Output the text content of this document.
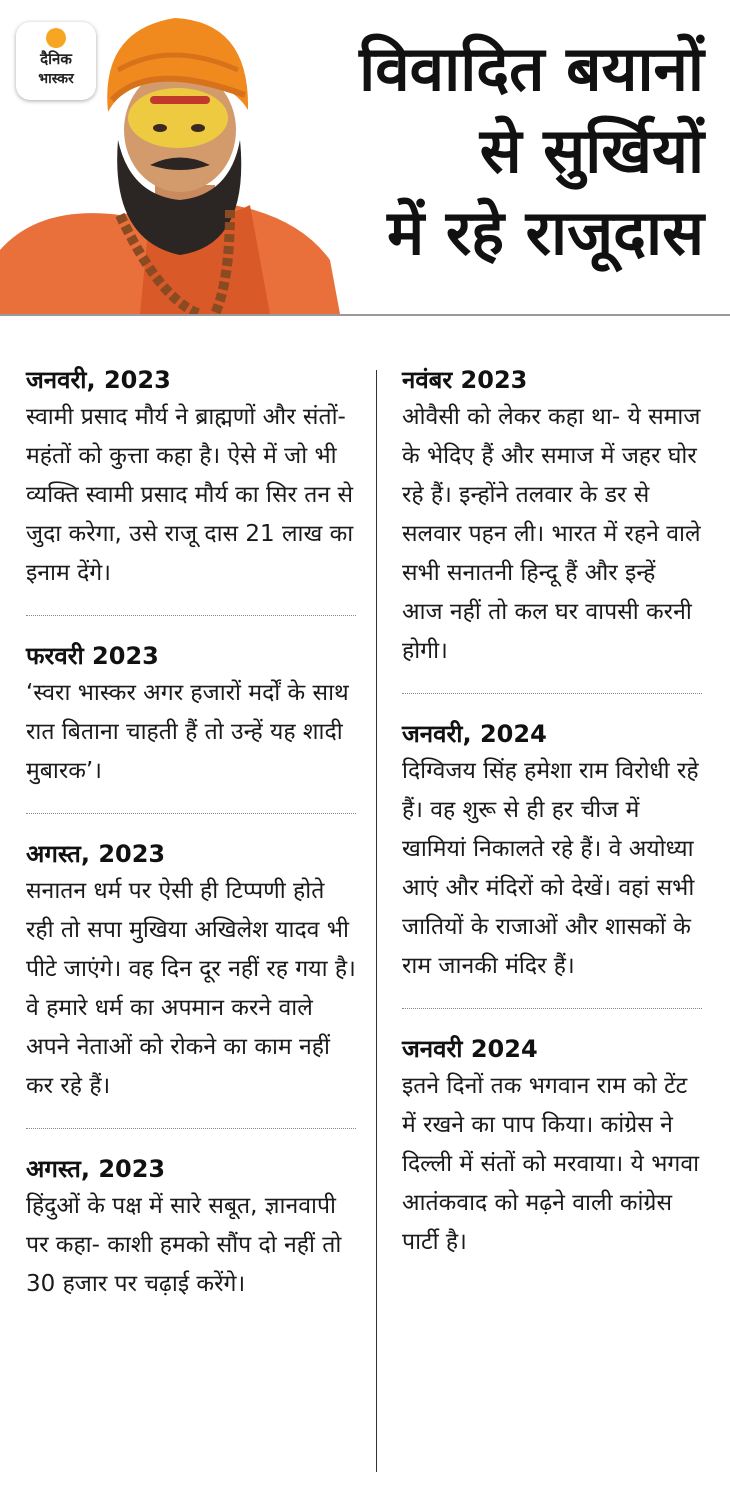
दैनिक
भास्कर	विवादित बयानों
से सुर्खियों
में रहे राजूदास
जनवरी, 2023
स्वामी प्रसाद मौर्य ने ब्राह्मणों और संतों-महंतों को कुत्ता कहा है। ऐसे में जो भी व्यक्ति स्वामी प्रसाद मौर्य का सिर तन से जुदा करेगा, उसे राजू दास 21 लाख का इनाम देंगे।
फरवरी 2023
‘स्वरा भास्कर अगर हजारों मर्दों के साथ रात बिताना चाहती हैं तो उन्हें यह शादी मुबारक’।
अगस्त, 2023
सनातन धर्म पर ऐसी ही टिप्पणी होते रही तो सपा मुखिया अखिलेश यादव भी पीटे जाएंगे। वह दिन दूर नहीं रह गया है। वे हमारे धर्म का अपमान करने वाले अपने नेताओं को रोकने का काम नहीं कर रहे हैं।
अगस्त, 2023
हिंदुओं के पक्ष में सारे सबूत, ज्ञानवापी पर कहा- काशी हमको सौंप दो नहीं तो 30 हजार पर चढ़ाई करेंगे।
नवंबर 2023
ओवैसी को लेकर कहा था- ये समाज के भेदिए हैं और समाज में जहर घोर रहे हैं। इन्होंने तलवार के डर से सलवार पहन ली। भारत में रहने वाले सभी सनातनी हिन्दू हैं और इन्हें आज नहीं तो कल घर वापसी करनी होगी।
जनवरी, 2024
दिग्विजय सिंह हमेशा राम विरोधी रहे हैं। वह शुरू से ही हर चीज में खामियां निकालते रहे हैं। वे अयोध्या आएं और मंदिरों को देखें। वहां सभी जातियों के राजाओं और शासकों के राम जानकी मंदिर हैं।
जनवरी 2024
इतने दिनों तक भगवान राम को टेंट में रखने का पाप किया। कांग्रेस ने दिल्ली में संतों को मरवाया। ये भगवा आतंकवाद को मढ़ने वाली कांग्रेस पार्टी है।
